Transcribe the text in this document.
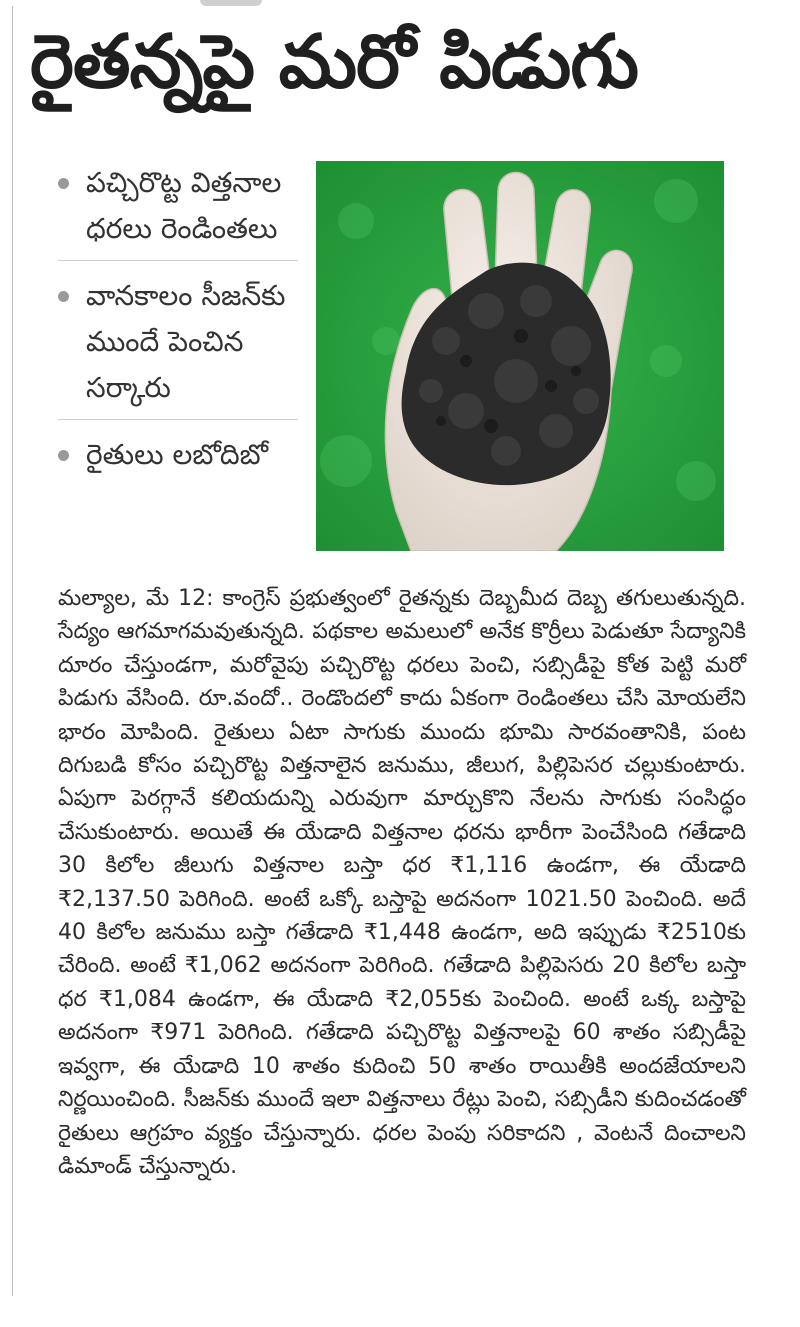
రైతన్నపై మరో పిడుగు
పచ్చిరొట్ట విత్తనాల ధరలు రెండింతలు
వానకాలం సీజన్‌కు ముందే పెంచిన సర్కారు
రైతులు లబోదిబో

మల్యాల, మే 12: కాంగ్రెస్‌ ప్రభుత్వంలో రైతన్నకు దెబ్బమీద దెబ్బ తగులుతున్నది. సేద్యం ఆగమాగమవుతున్నది. పథకాల అమలులో అనేక కొర్రీలు పెడుతూ సేద్యానికి దూరం చేస్తుండగా, మరోవైపు పచ్చిరొట్ట ధరలు పెంచి, సబ్సిడీపై కోత పెట్టి మరో పిడుగు వేసింది. రూ.వందో.. రెండొందలో కాదు ఏకంగా రెండింతలు చేసి మోయలేని భారం మోపింది. రైతులు ఏటా సాగుకు ముందు భూమి సారవంతానికి, పంట దిగుబడి కోసం పచ్చిరొట్ట విత్తనాలైన జనుము, జీలుగ, పిల్లిపెసర చల్లుకుంటారు. ఏపుగా పెరగ్గానే కలియదున్ని ఎరువుగా మార్చుకొని నేలను సాగుకు సంసిద్ధం చేసుకుంటారు. అయితే ఈ యేడాది విత్తనాల ధరను భారీగా పెంచేసింది గతేడాది 30 కిలోల జీలుగు విత్తనాల బస్తా ధర ₹1,116 ఉండగా, ఈ యేడాది ₹2,137.50 పెరిగింది. అంటే ఒక్కో బస్తాపై అదనంగా 1021.50 పెంచింది. అదే 40 కిలోల జనుము బస్తా గతేడాది ₹1,448 ఉండగా, అది ఇప్పుడు ₹2510కు చేరింది. అంటే ₹1,062 అదనంగా పెరిగింది. గతేడాది పిల్లిపెసరు 20 కిలోల బస్తా ధర ₹1,084 ఉండగా, ఈ యేడాది ₹2,055కు పెంచింది. అంటే ఒక్క బస్తాపై అదనంగా ₹971 పెరిగింది. గతేడాది పచ్చిరొట్ట విత్తనాలపై 60 శాతం సబ్సిడీపై ఇవ్వగా, ఈ యేడాది 10 శాతం కుదించి 50 శాతం రాయితీకి అందజేయాలని నిర్ణయించింది. సీజన్‌కు ముందే ఇలా విత్తనాలు రేట్లు పెంచి, సబ్సిడీని కుదించడంతో రైతులు ఆగ్రహం వ్యక్తం చేస్తున్నారు. ధరల పెంపు సరికాదని , వెంటనే దించాలని డిమాండ్‌ చేస్తున్నారు.
